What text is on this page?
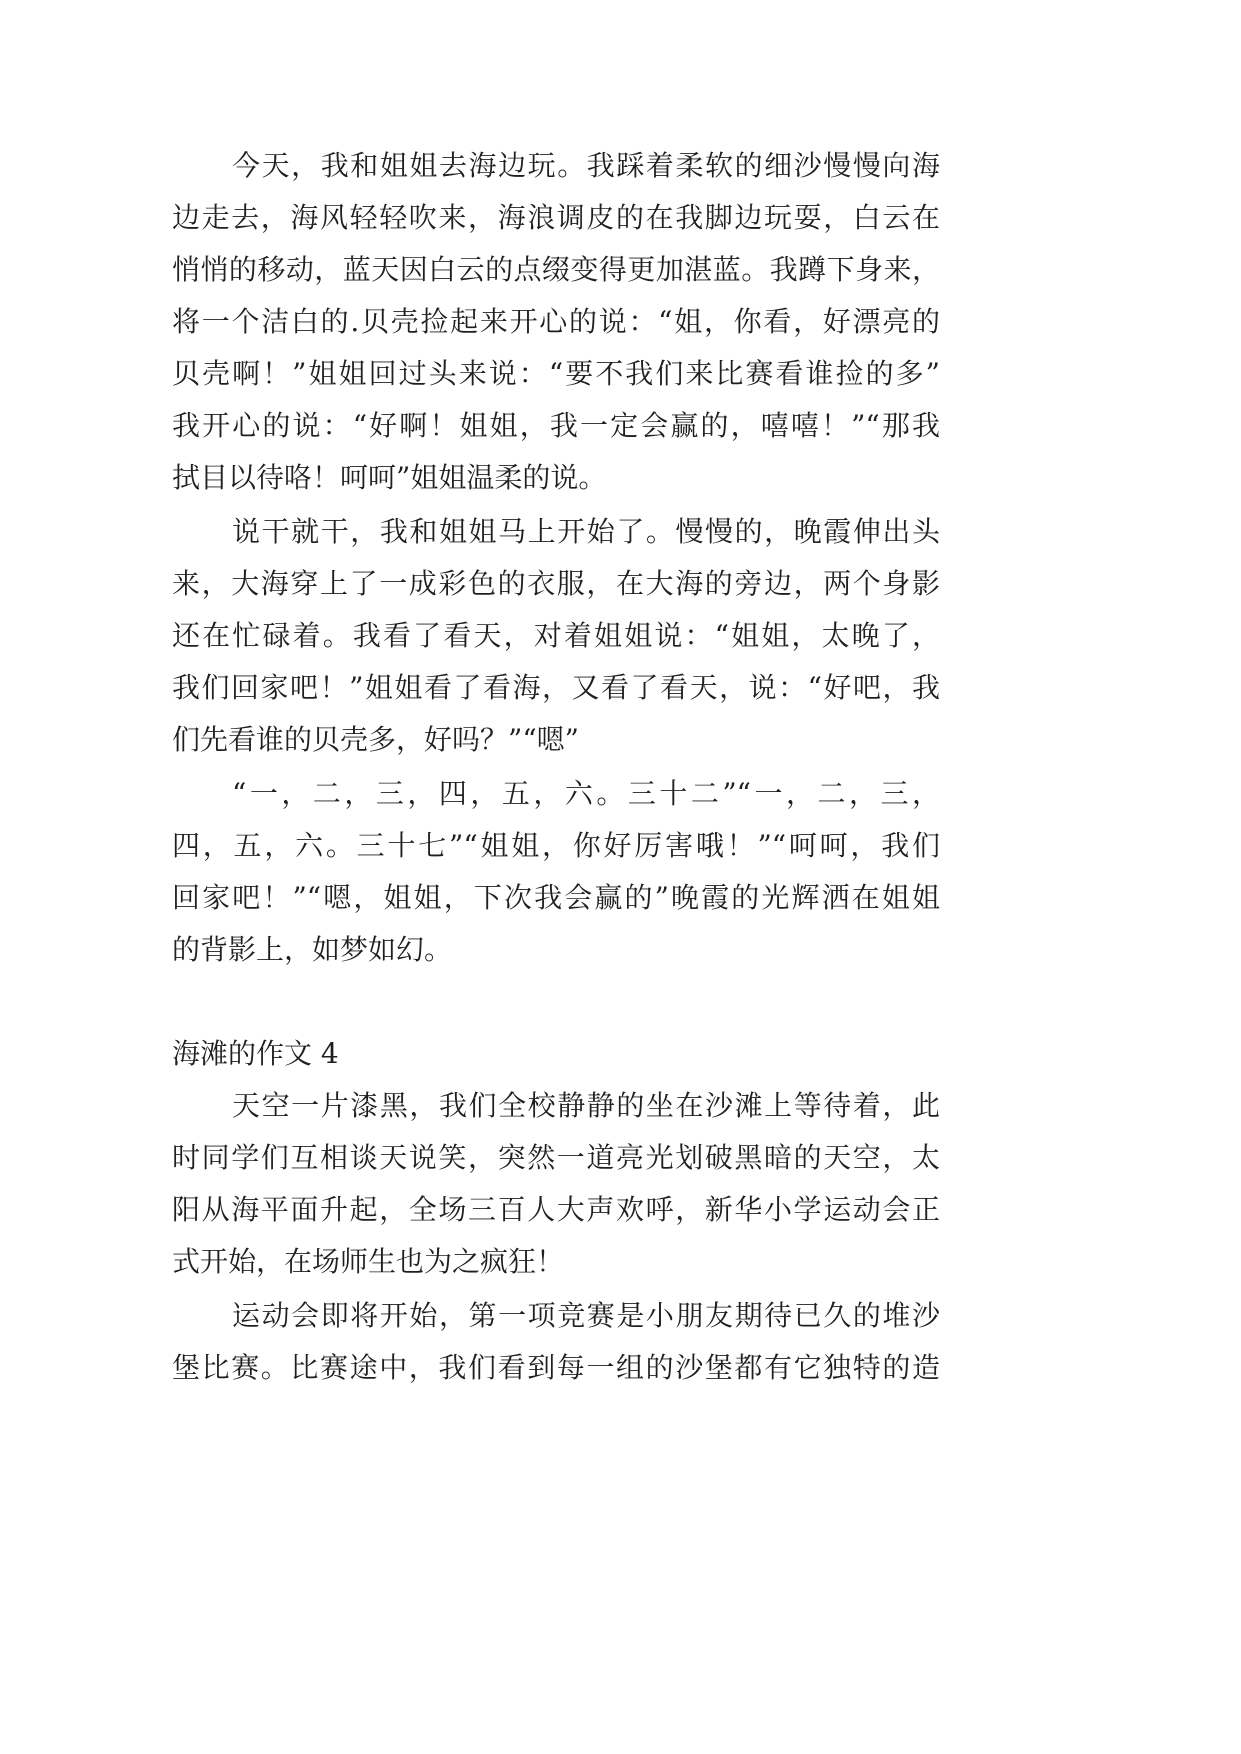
今天，我和姐姐去海边玩。我踩着柔软的细沙慢慢向海
边走去，海风轻轻吹来，海浪调皮的在我脚边玩耍，白云在
悄悄的移动，蓝天因白云的点缀变得更加湛蓝。我蹲下身来，
将一个洁白的.贝壳捡起来开心的说：“姐，你看，好漂亮的
贝壳啊！”姐姐回过头来说：“要不我们来比赛看谁捡的多”
我开心的说：“好啊！姐姐，我一定会赢的，嘻嘻！”“那我
拭目以待咯！呵呵”姐姐温柔的说。
说干就干，我和姐姐马上开始了。慢慢的，晚霞伸出头
来，大海穿上了一成彩色的衣服，在大海的旁边，两个身影
还在忙碌着。我看了看天，对着姐姐说：“姐姐，太晚了，
我们回家吧！”姐姐看了看海，又看了看天，说：“好吧，我
们先看谁的贝壳多，好吗？”“嗯”
“一，二，三，四，五，六。三十二”“一，二，三，
四，五，六。三十七”“姐姐，你好厉害哦！”“呵呵，我们
回家吧！”“嗯，姐姐，下次我会赢的”晚霞的光辉洒在姐姐
的背影上，如梦如幻。
海滩的作文 4
天空一片漆黑，我们全校静静的坐在沙滩上等待着，此
时同学们互相谈天说笑，突然一道亮光划破黑暗的天空，太
阳从海平面升起，全场三百人大声欢呼，新华小学运动会正
式开始，在场师生也为之疯狂！
运动会即将开始，第一项竞赛是小朋友期待已久的堆沙
堡比赛。比赛途中，我们看到每一组的沙堡都有它独特的造
